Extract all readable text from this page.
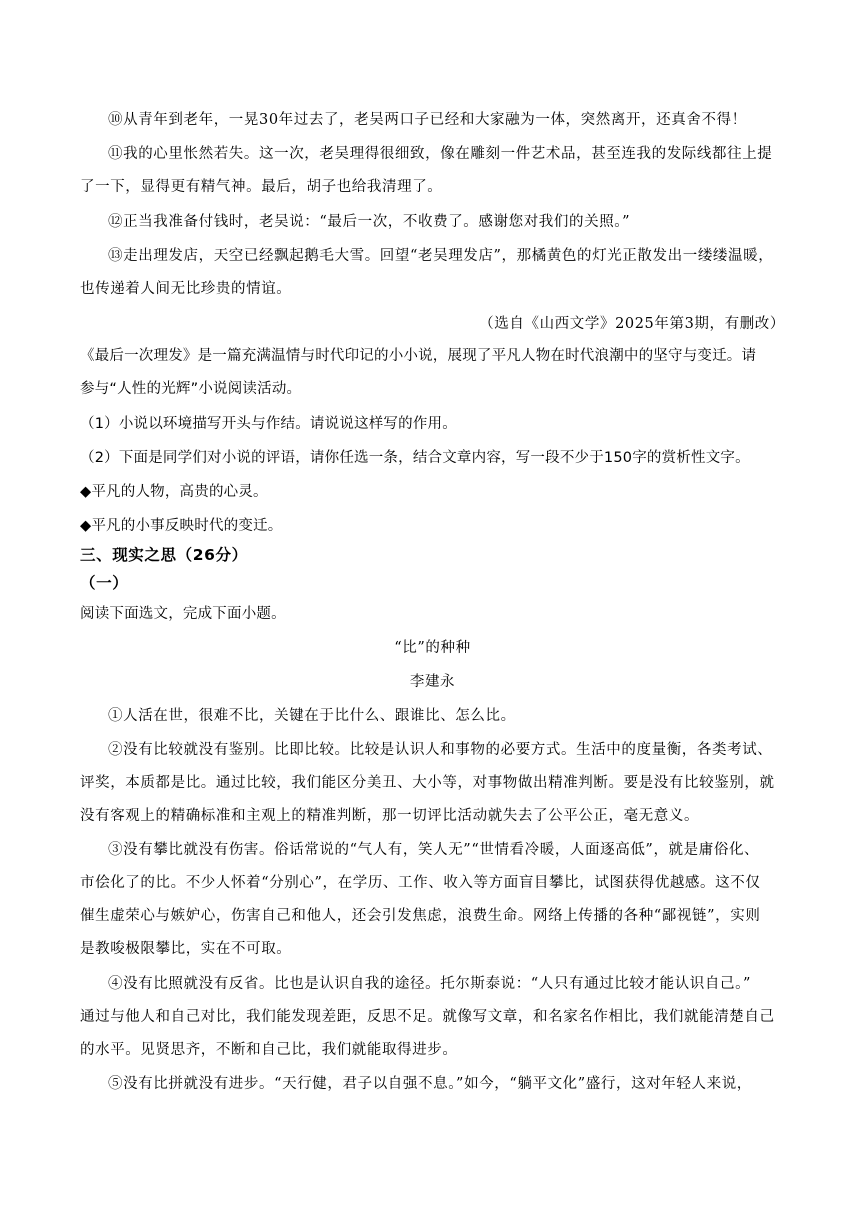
⑩从青年到老年，一晃30年过去了，老吴两口子已经和大家融为一体，突然离开，还真舍不得！
⑪我的心里怅然若失。这一次，老吴理得很细致，像在雕刻一件艺术品，甚至连我的发际线都往上提
了一下，显得更有精气神。最后，胡子也给我清理了。
⑫正当我准备付钱时，老吴说：“最后一次，不收费了。感谢您对我们的关照。”
⑬走出理发店，天空已经飘起鹅毛大雪。回望“老吴理发店”，那橘黄色的灯光正散发出一缕缕温暖，
也传递着人间无比珍贵的情谊。
（选自《山西文学》2025年第3期，有删改）
《最后一次理发》是一篇充满温情与时代印记的小小说，展现了平凡人物在时代浪潮中的坚守与变迁。请
参与“人性的光辉”小说阅读活动。
（1）小说以环境描写开头与作结。请说说这样写的作用。
（2）下面是同学们对小说的评语，请你任选一条，结合文章内容，写一段不少于150字的赏析性文字。
◆平凡的人物，高贵的心灵。
◆平凡的小事反映时代的变迁。
三、现实之思（26分）
（一）
阅读下面选文，完成下面小题。
“比”的种种
李建永
①人活在世，很难不比，关键在于比什么、跟谁比、怎么比。
②没有比较就没有鉴别。比即比较。比较是认识人和事物的必要方式。生活中的度量衡，各类考试、
评奖，本质都是比。通过比较，我们能区分美丑、大小等，对事物做出精准判断。要是没有比较鉴别，就
没有客观上的精确标准和主观上的精准判断，那一切评比活动就失去了公平公正，毫无意义。
③没有攀比就没有伤害。俗话常说的“气人有，笑人无”“世情看冷暖，人面逐高低”，就是庸俗化、
市侩化了的比。不少人怀着“分别心”，在学历、工作、收入等方面盲目攀比，试图获得优越感。这不仅
催生虚荣心与嫉妒心，伤害自己和他人，还会引发焦虑，浪费生命。网络上传播的各种“鄙视链”，实则
是教唆极限攀比，实在不可取。
④没有比照就没有反省。比也是认识自我的途径。托尔斯泰说：“人只有通过比较才能认识自己。”
通过与他人和自己对比，我们能发现差距，反思不足。就像写文章，和名家名作相比，我们就能清楚自己
的水平。见贤思齐，不断和自己比，我们就能取得进步。
⑤没有比拼就没有进步。“天行健，君子以自强不息。”如今，“躺平文化”盛行，这对年轻人来说，
